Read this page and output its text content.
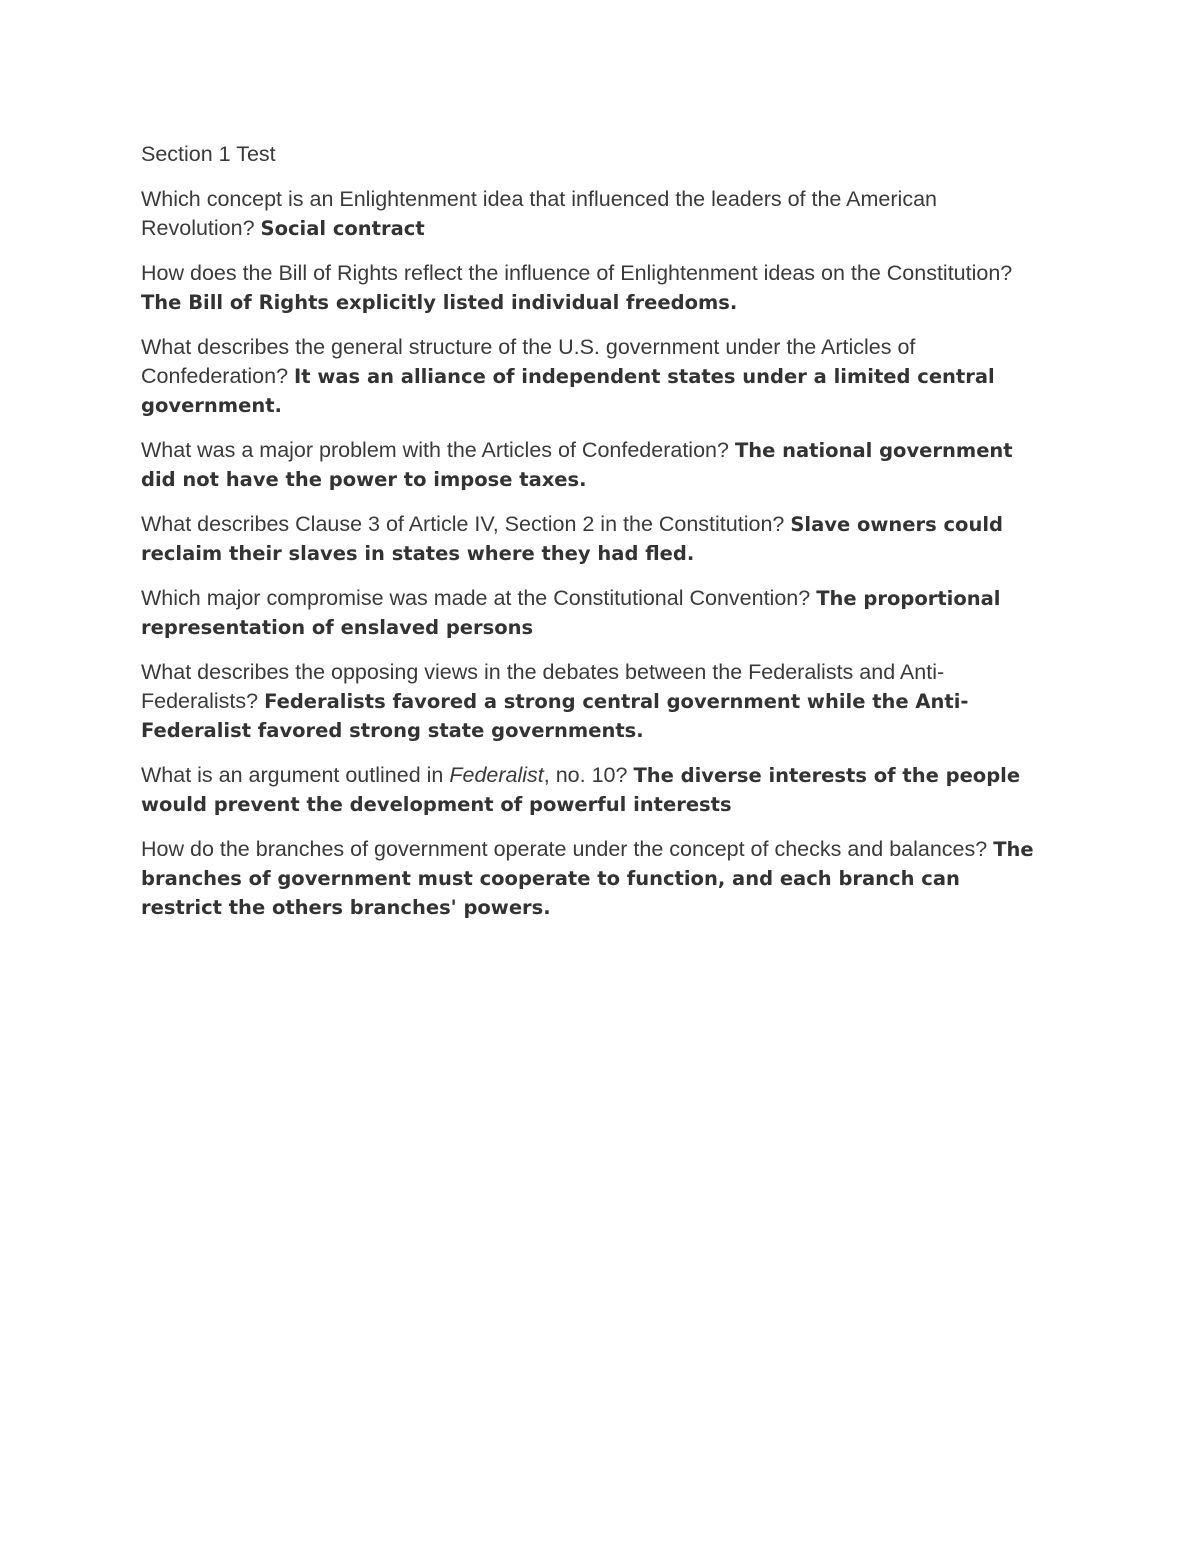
Section 1 Test

Which concept is an Enlightenment idea that influenced the leaders of the American Revolution? Social contract

How does the Bill of Rights reflect the influence of Enlightenment ideas on the Constitution? The Bill of Rights explicitly listed individual freedoms.

What describes the general structure of the U.S. government under the Articles of Confederation? It was an alliance of independent states under a limited central government.

What was a major problem with the Articles of Confederation? The national government did not have the power to impose taxes.

What describes Clause 3 of Article IV, Section 2 in the Constitution? Slave owners could reclaim their slaves in states where they had fled.

Which major compromise was made at the Constitutional Convention? The proportional representation of enslaved persons

What describes the opposing views in the debates between the Federalists and Anti-Federalists? Federalists favored a strong central government while the Anti-Federalist favored strong state governments.

What is an argument outlined in Federalist, no. 10? The diverse interests of the people would prevent the development of powerful interests

How do the branches of government operate under the concept of checks and balances? The branches of government must cooperate to function, and each branch can restrict the others branches' powers.
